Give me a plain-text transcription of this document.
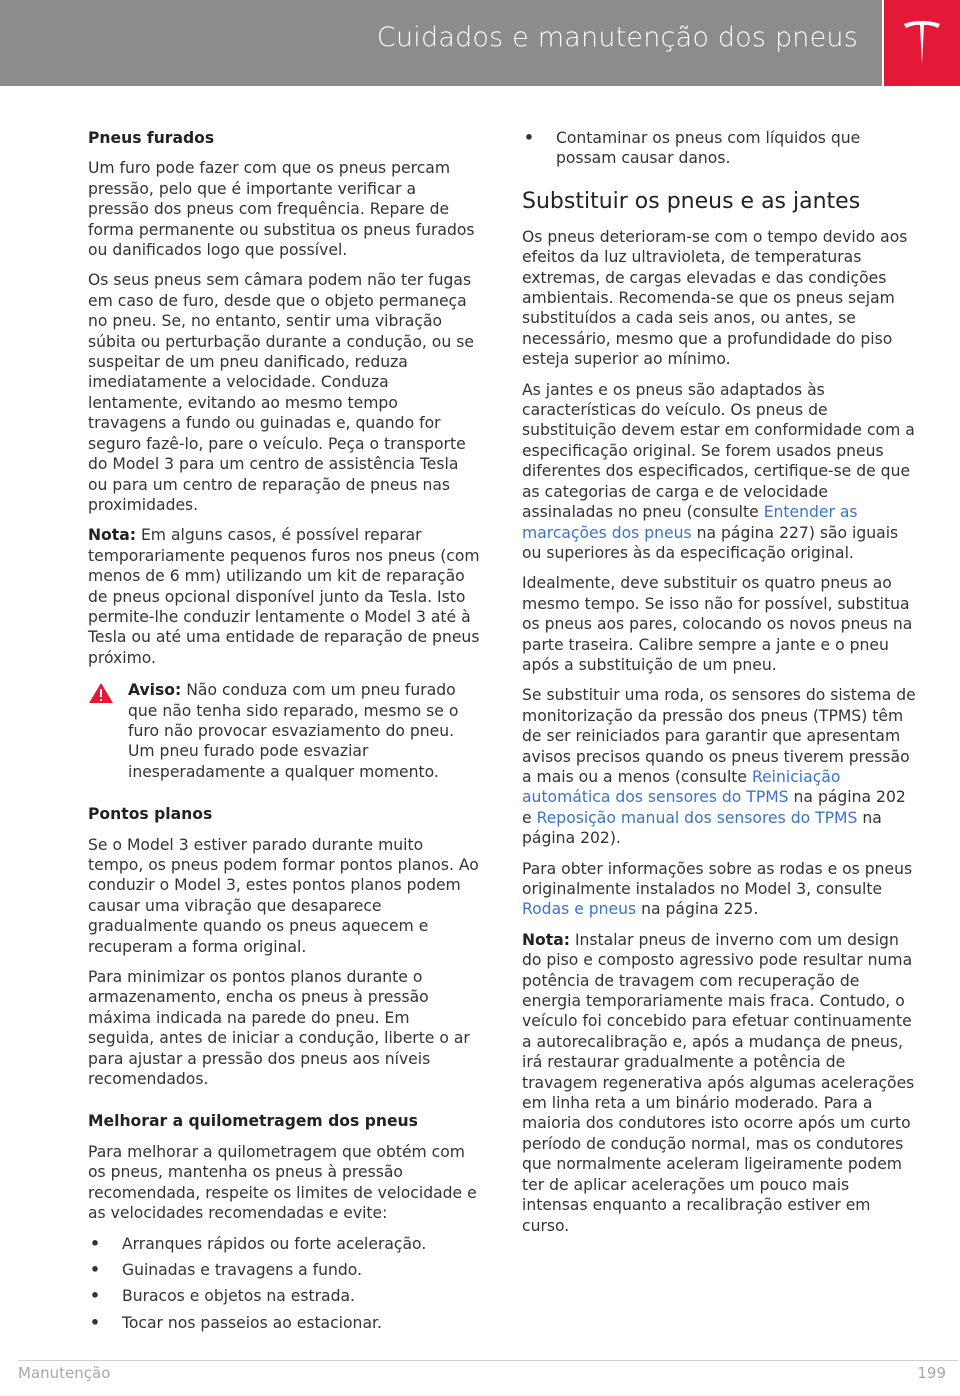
Cuidados e manutenção dos pneus
Pneus furados

Um furo pode fazer com que os pneus percam pressão, pelo que é importante verificar a pressão dos pneus com frequência. Repare de forma permanente ou substitua os pneus furados ou danificados logo que possível.

Os seus pneus sem câmara podem não ter fugas em caso de furo, desde que o objeto permaneça no pneu. Se, no entanto, sentir uma vibração súbita ou perturbação durante a condução, ou se suspeitar de um pneu danificado, reduza imediatamente a velocidade. Conduza lentamente, evitando ao mesmo tempo travagens a fundo ou guinadas e, quando for seguro fazê-lo, pare o veículo. Peça o transporte do Model 3 para um centro de assistência Tesla ou para um centro de reparação de pneus nas proximidades.

Nota: Em alguns casos, é possível reparar temporariamente pequenos furos nos pneus (com menos de 6 mm) utilizando um kit de reparação de pneus opcional disponível junto da Tesla. Isto permite-lhe conduzir lentamente o Model 3 até à Tesla ou até uma entidade de reparação de pneus próximo.

Aviso: Não conduza com um pneu furado que não tenha sido reparado, mesmo se o furo não provocar esvaziamento do pneu. Um pneu furado pode esvaziar inesperadamente a qualquer momento.
Pontos planos

Se o Model 3 estiver parado durante muito tempo, os pneus podem formar pontos planos. Ao conduzir o Model 3, estes pontos planos podem causar uma vibração que desaparece gradualmente quando os pneus aquecem e recuperam a forma original.

Para minimizar os pontos planos durante o armazenamento, encha os pneus à pressão máxima indicada na parede do pneu. Em seguida, antes de iniciar a condução, liberte o ar para ajustar a pressão dos pneus aos níveis recomendados.

Melhorar a quilometragem dos pneus

Para melhorar a quilometragem que obtém com os pneus, mantenha os pneus à pressão recomendada, respeite os limites de velocidade e as velocidades recomendadas e evite:

• Arranques rápidos ou forte aceleração.
• Guinadas e travagens a fundo.
• Buracos e objetos na estrada.
• Tocar nos passeios ao estacionar.
• Contaminar os pneus com líquidos que possam causar danos.
Substituir os pneus e as jantes

Os pneus deterioram-se com o tempo devido aos efeitos da luz ultravioleta, de temperaturas extremas, de cargas elevadas e das condições ambientais. Recomenda-se que os pneus sejam substituídos a cada seis anos, ou antes, se necessário, mesmo que a profundidade do piso esteja superior ao mínimo.

As jantes e os pneus são adaptados às características do veículo. Os pneus de substituição devem estar em conformidade com a especificação original. Se forem usados pneus diferentes dos especificados, certifique-se de que as categorias de carga e de velocidade assinaladas no pneu (consulte Entender as marcações dos pneus na página 227) são iguais ou superiores às da especificação original.

Idealmente, deve substituir os quatro pneus ao mesmo tempo. Se isso não for possível, substitua os pneus aos pares, colocando os novos pneus na parte traseira. Calibre sempre a jante e o pneu após a substituição de um pneu.

Se substituir uma roda, os sensores do sistema de monitorização da pressão dos pneus (TPMS) têm de ser reiniciados para garantir que apresentam avisos precisos quando os pneus tiverem pressão a mais ou a menos (consulte Reiniciação automática dos sensores do TPMS na página 202 e Reposição manual dos sensores do TPMS na página 202).

Para obter informações sobre as rodas e os pneus originalmente instalados no Model 3, consulte Rodas e pneus na página 225.

Nota: Instalar pneus de inverno com um design do piso e composto agressivo pode resultar numa potência de travagem com recuperação de energia temporariamente mais fraca. Contudo, o veículo foi concebido para efetuar continuamente a autorecalibração e, após a mudança de pneus, irá restaurar gradualmente a potência de travagem regenerativa após algumas acelerações em linha reta a um binário moderado. Para a maioria dos condutores isto ocorre após um curto período de condução normal, mas os condutores que normalmente aceleram ligeiramente podem ter de aplicar acelerações um pouco mais intensas enquanto a recalibração estiver em curso.

Manutenção	199
